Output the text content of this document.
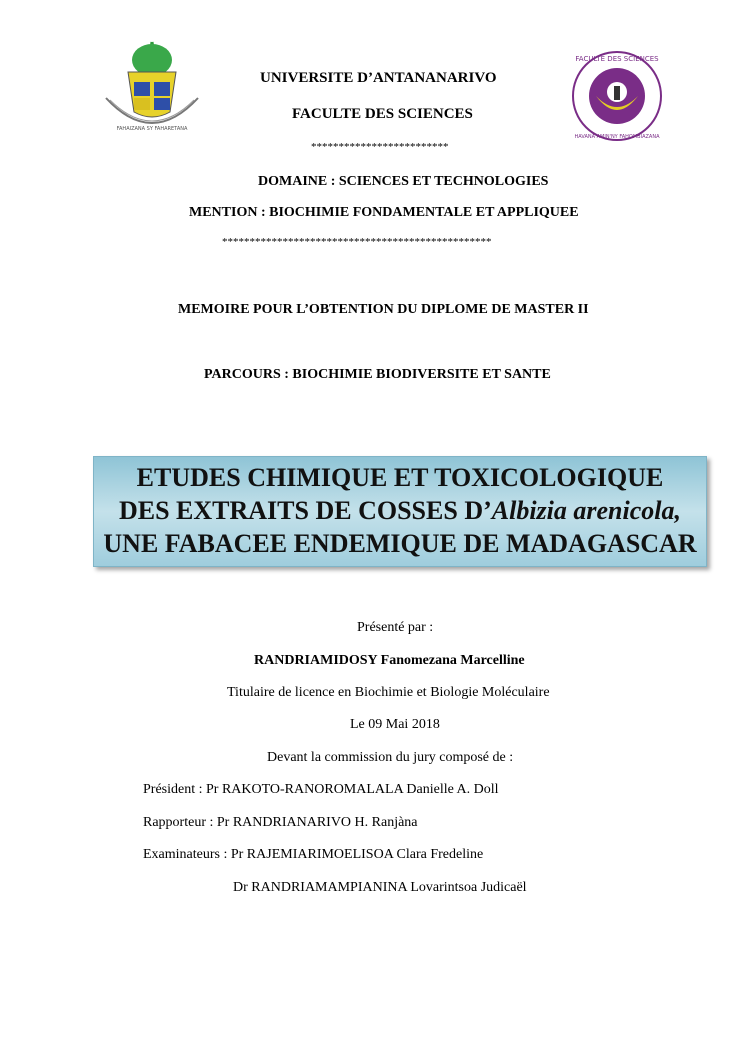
FAHAIZANA SY FAHARETANA
FACULTE DES SCIENCES
HAVANA AMIN'NY FAHOMBIAZANA
UNIVERSITE D’ANTANANARIVO
FACULTE DES SCIENCES
*************************
DOMAINE : SCIENCES ET TECHNOLOGIES
MENTION : BIOCHIMIE FONDAMENTALE ET APPLIQUEE
*************************************************
MEMOIRE POUR L’OBTENTION DU DIPLOME DE MASTER II
PARCOURS : BIOCHIMIE BIODIVERSITE ET SANTE
ETUDES CHIMIQUE ET TOXICOLOGIQUE
DES EXTRAITS DE COSSES D’Albizia arenicola,
UNE FABACEE ENDEMIQUE DE MADAGASCAR
Présenté par :
RANDRIAMIDOSY Fanomezana Marcelline
Titulaire de licence en Biochimie et Biologie Moléculaire
Le 09 Mai 2018
Devant la commission du jury composé de :
Président : Pr RAKOTO-RANOROMALALA Danielle A. Doll
Rapporteur : Pr RANDRIANARIVO H. Ranjàna
Examinateurs : Pr RAJEMIARIMOELISOA Clara Fredeline
Dr RANDRIAMAMPIANINA Lovarintsoa Judicaël
